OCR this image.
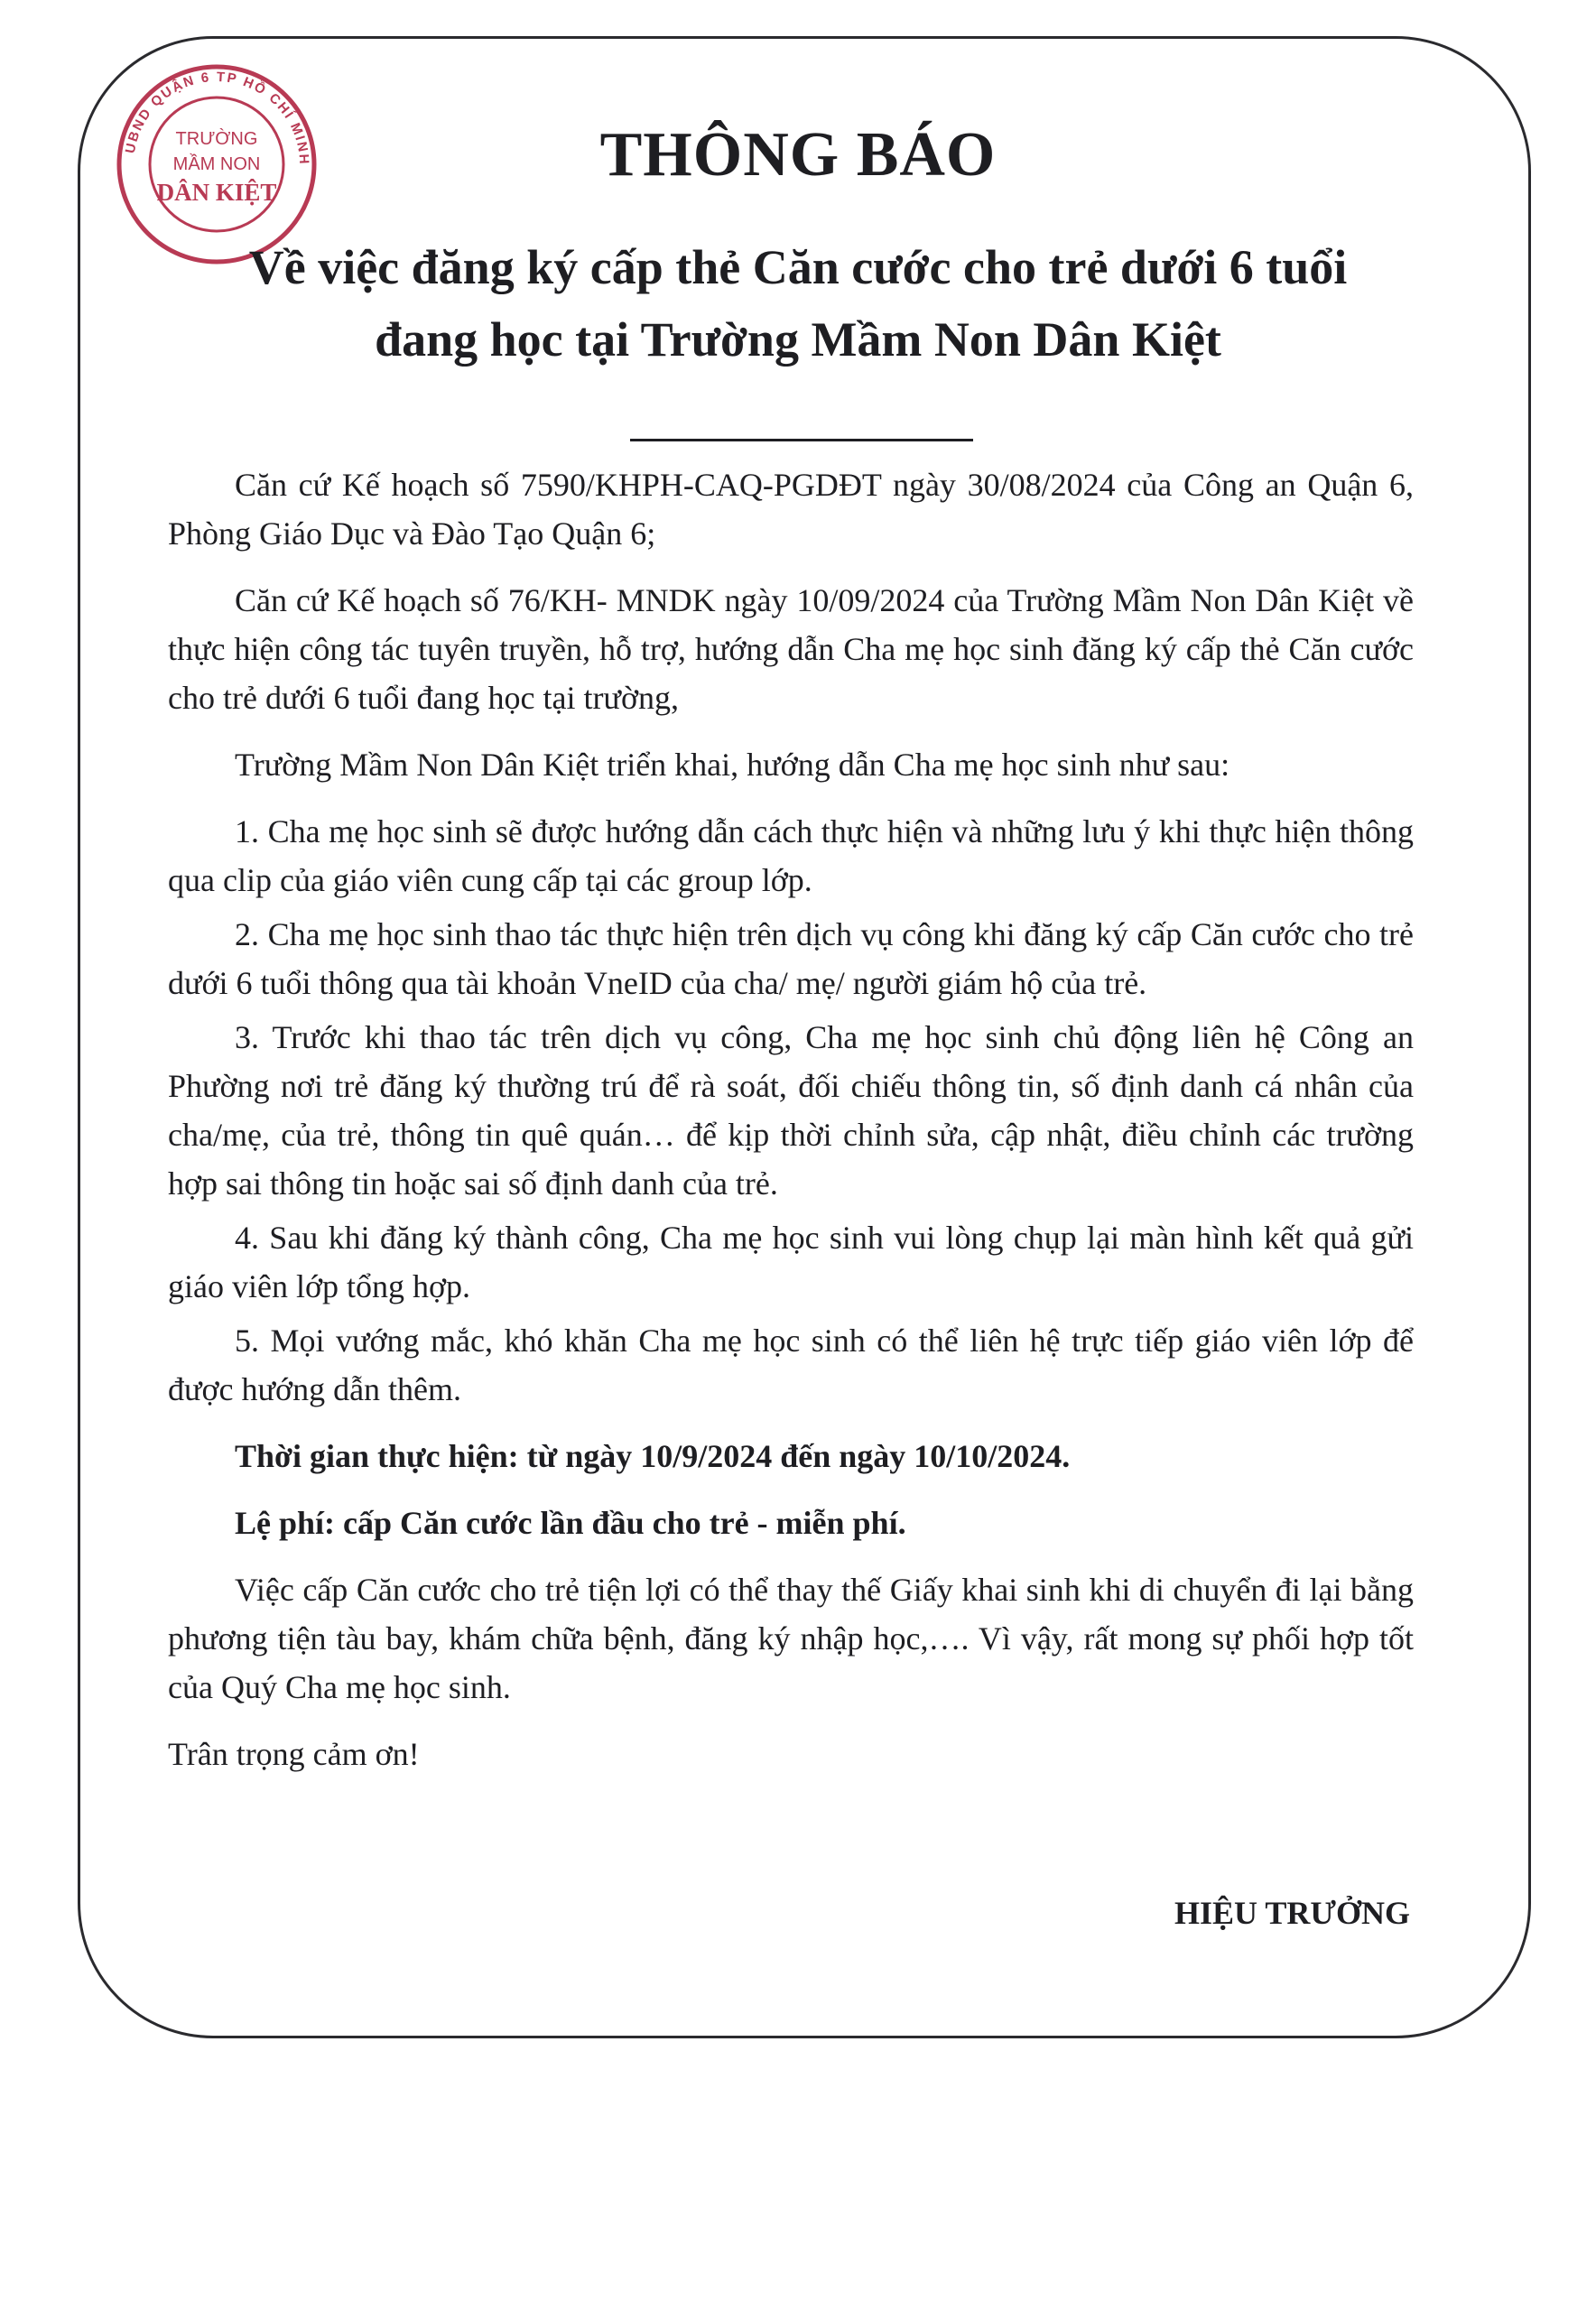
UBND QUẬN 6 TP HỒ CHÍ MINH
TRƯỜNG
MẦM NON
DÂN KIỆT
THÔNG BÁO
Về việc đăng ký cấp thẻ Căn cước cho trẻ dưới 6 tuổi
đang học tại Trường Mầm Non Dân Kiệt

Căn cứ Kế hoạch số 7590/KHPH-CAQ-PGDĐT ngày 30/08/2024 của Công an Quận 6, Phòng Giáo Dục và Đào Tạo Quận 6;

Căn cứ Kế hoạch số 76/KH- MNDK ngày 10/09/2024 của Trường Mầm Non Dân Kiệt về thực hiện công tác tuyên truyền, hỗ trợ, hướng dẫn Cha mẹ học sinh đăng ký cấp thẻ Căn cước cho trẻ dưới 6 tuổi đang học tại trường,

Trường Mầm Non Dân Kiệt triển khai, hướng dẫn Cha mẹ học sinh như sau:

1. Cha mẹ học sinh sẽ được hướng dẫn cách thực hiện và những lưu ý khi thực hiện thông qua clip của giáo viên cung cấp tại các group lớp.

2. Cha mẹ học sinh thao tác thực hiện trên dịch vụ công khi đăng ký cấp Căn cước cho trẻ dưới 6 tuổi thông qua tài khoản VneID của cha/ mẹ/ người giám hộ của trẻ.

3. Trước khi thao tác trên dịch vụ công, Cha mẹ học sinh chủ động liên hệ Công an Phường nơi trẻ đăng ký thường trú để rà soát, đối chiếu thông tin, số định danh cá nhân của cha/mẹ, của trẻ, thông tin quê quán… để kịp thời chỉnh sửa, cập nhật, điều chỉnh các trường hợp sai thông tin hoặc sai số định danh của trẻ.

4. Sau khi đăng ký thành công, Cha mẹ học sinh vui lòng chụp lại màn hình kết quả gửi giáo viên lớp tổng hợp.

5. Mọi vướng mắc, khó khăn Cha mẹ học sinh có thể liên hệ trực tiếp giáo viên lớp để được hướng dẫn thêm.

Thời gian thực hiện: từ ngày 10/9/2024 đến ngày 10/10/2024.

Lệ phí: cấp Căn cước lần đầu cho trẻ - miễn phí.

Việc cấp Căn cước cho trẻ tiện lợi có thể thay thế Giấy khai sinh khi di chuyển đi lại bằng phương tiện tàu bay, khám chữa bệnh, đăng ký nhập học,…. Vì vậy, rất mong sự phối hợp tốt của Quý Cha mẹ học sinh.

Trân trọng cảm ơn!

HIỆU TRƯỞNG
